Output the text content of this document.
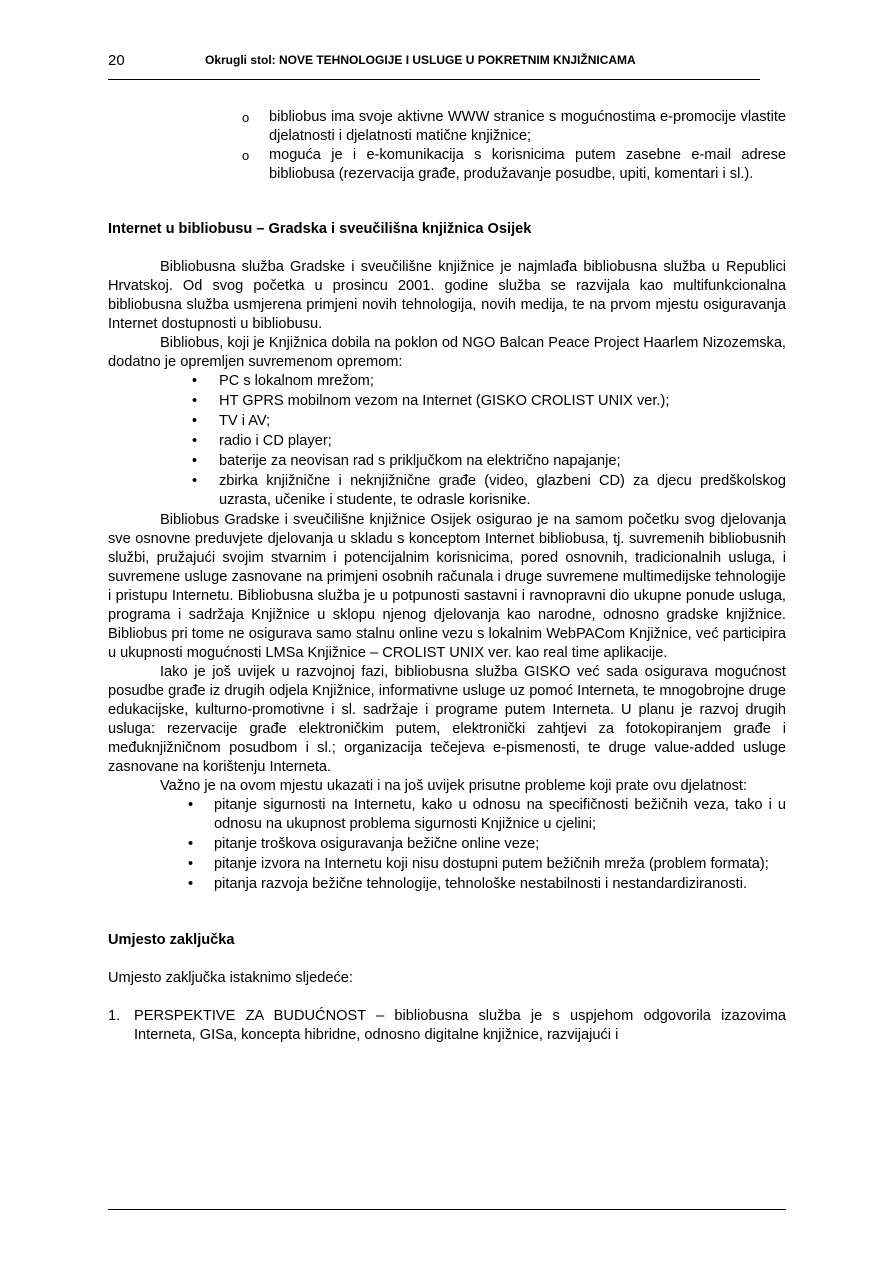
20	Okrugli stol: NOVE TEHNOLOGIJE I USLUGE U POKRETNIM KNJIŽNICAMA
o bibliobus ima svoje aktivne WWW stranice s mogućnostima e-promocije vlastite djelatnosti i djelatnosti matične knjižnice;
o moguća je i e-komunikacija s korisnicima putem zasebne e-mail adrese bibliobusa (rezervacija građe, produžavanje posudbe, upiti, komentari i sl.).

Internet u bibliobusu – Gradska i sveučilišna knjižnica Osijek

Bibliobusna služba Gradske i sveučilišne knjižnice je najmlađa bibliobusna služba u Republici Hrvatskoj. Od svog početka u prosincu 2001. godine služba se razvijala kao multifunkcionalna bibliobusna služba usmjerena primjeni novih tehnologija, novih medija, te na prvom mjestu osiguravanja Internet dostupnosti u bibliobusu.

Bibliobus, koji je Knjižnica dobila na poklon od NGO Balcan Peace Project Haarlem Nizozemska, dodatno je opremljen suvremenom opremom:

• PC s lokalnom mrežom;
• HT GPRS mobilnom vezom na Internet (GISKO CROLIST UNIX ver.);
• TV i AV;
• radio i CD player;
• baterije za neovisan rad s priključkom na električno napajanje;
• zbirka knjižnične i neknjižnične građe (video, glazbeni CD) za djecu predškolskog uzrasta, učenike i studente, te odrasle korisnike.

Bibliobus Gradske i sveučilišne knjižnice Osijek osigurao je na samom početku svog djelovanja sve osnovne preduvjete djelovanja u skladu s konceptom Internet bibliobusa, tj. suvremenih bibliobusnih službi, pružajući svojim stvarnim i potencijalnim korisnicima, pored osnovnih, tradicionalnih usluga, i suvremene usluge zasnovane na primjeni osobnih računala i druge suvremene multimedijske tehnologije i pristupu Internetu. Bibliobusna služba je u potpunosti sastavni i ravnopravni dio ukupne ponude usluga, programa i sadržaja Knjižnice u sklopu njenog djelovanja kao narodne, odnosno gradske knjižnice. Bibliobus pri tome ne osigurava samo stalnu online vezu s lokalnim WebPACom Knjižnice, već participira u ukupnosti mogućnosti LMSa Knjižnice – CROLIST UNIX ver. kao real time aplikacije.

Iako je još uvijek u razvojnoj fazi, bibliobusna služba GISKO već sada osigurava mogućnost posudbe građe iz drugih odjela Knjižnice, informativne usluge uz pomoć Interneta, te mnogobrojne druge edukacijske, kulturno-promotivne i sl. sadržaje i programe putem Interneta. U planu je razvoj drugih usluga: rezervacije građe elektroničkim putem, elektronički zahtjevi za fotokopiranjem građe i međuknjižničnom posudbom i sl.; organizacija tečejeva e-pismenosti, te druge value-added usluge zasnovane na korištenju Interneta.

Važno je na ovom mjestu ukazati i na još uvijek prisutne probleme koji prate ovu djelatnost:

• pitanje sigurnosti na Internetu, kako u odnosu na specifičnosti bežičnih veza, tako i u odnosu na ukupnost problema sigurnosti Knjižnice u cjelini;
• pitanje troškova osiguravanja bežične online veze;
• pitanje izvora na Internetu koji nisu dostupni putem bežičnih mreža (problem formata);
• pitanja razvoja bežične tehnologije, tehnološke nestabilnosti i nestandardiziranosti.

Umjesto zaključka

Umjesto zaključka istaknimo sljedeće:

1. PERSPEKTIVE ZA BUDUĆNOST – bibliobusna služba je s uspjehom odgovorila izazovima Interneta, GISa, koncepta hibridne, odnosno digitalne knjižnice, razvijajući i
